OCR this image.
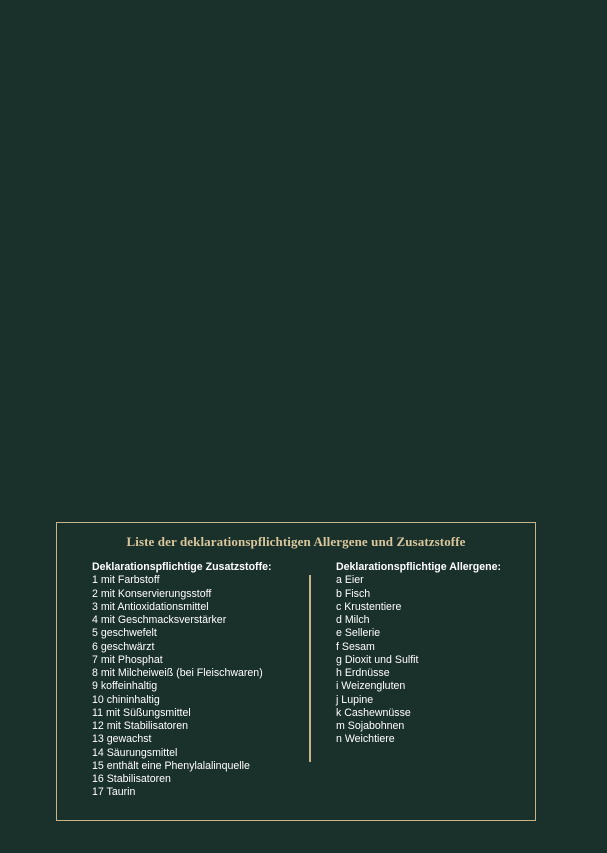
Liste der deklarationspflichtigen Allergene und Zusatzstoffe
Deklarationspflichtige Zusatzstoffe:
1 mit Farbstoff
2 mit Konservierungsstoff
3 mit Antioxidationsmittel
4 mit Geschmacksverstärker
5 geschwefelt
6 geschwärzt
7 mit Phosphat
8 mit Milcheiweiß (bei Fleischwaren)
9 koffeinhaltig
10 chininhaltig
11 mit Süßungsmittel
12 mit Stabilisatoren
13 gewachst
14 Säurungsmittel
15 enthält eine Phenylalalinquelle
16 Stabilisatoren
17 Taurin
Deklarationspflichtige Allergene:
a Eier
b Fisch
c Krustentiere
d Milch
e Sellerie
f Sesam
g Dioxit und Sulfit
h Erdnüsse
i Weizengluten
j Lupine
k Cashewnüsse
m Sojabohnen
n Weichtiere
